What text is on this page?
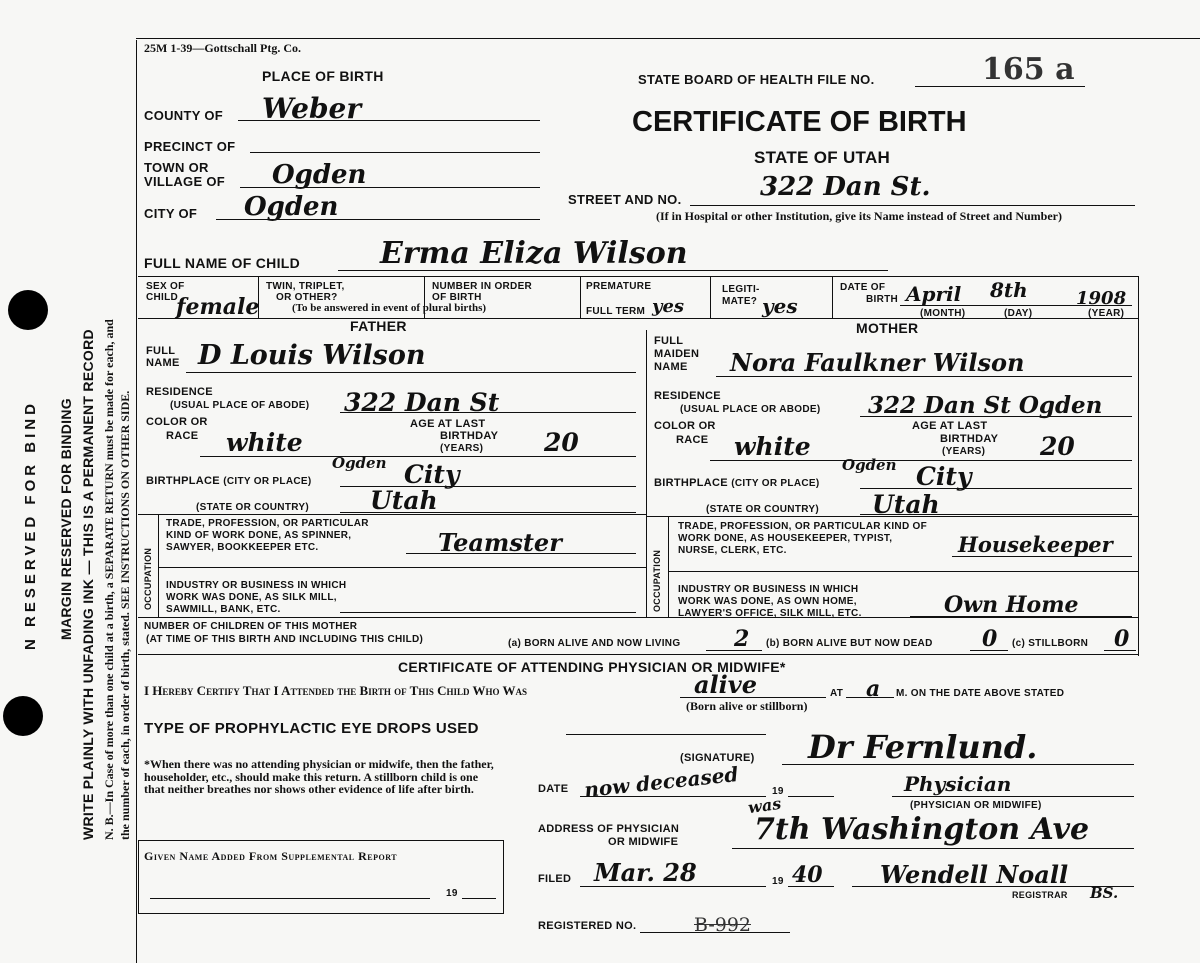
N RESERVED FOR BIND
WRITE PLAINLY WITH UNFADING INK — THIS IS A PERMANENT RECORD
MARGIN RESERVED FOR BINDING N. B.—In Case of more than one child at a birth, a SEPARATE RETURN must be made for each, and the number of each, in order of birth, stated. SEE INSTRUCTIONS ON OTHER SIDE.
25M 1-39—Gottschall Ptg. Co.
PLACE OF BIRTH	STATE BOARD OF HEALTH FILE NO.	165 a
CERTIFICATE OF BIRTH
STATE OF UTAH
COUNTY OF Weber
PRECINCT OF
TOWN OR
VILLAGE OF Ogden
CITY OF Ogden	STREET AND NO.	322 Dan St.
(If in Hospital or other Institution, give its Name instead of Street and Number)
FULL NAME OF CHILD	Erma Eliza Wilson
SEX OF
CHILD
female
TWIN, TRIPLET,
OR OTHER?
(To be answered in event of plural births)
NUMBER IN ORDER
OF BIRTH
PREMATURE
FULL TERM yes
LEGITI-
MATE? yes
DATE OF
BIRTH April 8th	1908
(MONTH)	(DAY)	(YEAR)
FATHER	MOTHER
FULL
NAME D Louis Wilson
RESIDENCE
(USUAL PLACE OF ABODE) 322 Dan St
COLOR OR
RACE white
AGE AT LAST
BIRTHDAY
(YEARS) 20
BIRTHPLACE (CITY OR PLACE)
Ogden City
(STATE OR COUNTRY) Utah
OCCUPATION
TRADE, PROFESSION, OR PARTICULAR
KIND OF WORK DONE, AS SPINNER,
SAWYER, BOOKKEEPER ETC.	Teamster
INDUSTRY OR BUSINESS IN WHICH
WORK WAS DONE, AS SILK MILL,
SAWMILL, BANK, ETC.
FULL
MAIDEN
NAME Nora Faulkner Wilson
RESIDENCE
(USUAL PLACE OR ABODE) 322 Dan St Ogden
COLOR OR
RACE white
AGE AT LAST
BIRTHDAY
(YEARS) 20
BIRTHPLACE (CITY OR PLACE)
Ogden City
(STATE OR COUNTRY) Utah
OCCUPATION
TRADE, PROFESSION, OR PARTICULAR KIND OF
WORK DONE, AS HOUSEKEEPER, TYPIST,
NURSE, CLERK, ETC.	Housekeeper
INDUSTRY OR BUSINESS IN WHICH
WORK WAS DONE, AS OWN HOME,
LAWYER'S OFFICE, SILK MILL, ETC.	Own Home
NUMBER OF CHILDREN OF THIS MOTHER
(AT TIME OF THIS BIRTH AND INCLUDING THIS CHILD)	(a) BORN ALIVE AND NOW LIVING 2 (b) BORN ALIVE BUT NOW DEAD 0 (c) STILLBORN 0
CERTIFICATE OF ATTENDING PHYSICIAN OR MIDWIFE*
I Hereby Certify That I Attended the Birth of This Child Who Was	alive
(Born alive or stillborn)
AT a M. ON THE DATE ABOVE STATED
TYPE OF PROPHYLACTIC EYE DROPS USED
*When there was no attending physician or midwife, then the father, householder, etc., should make this return. A stillborn child is one that neither breathes nor shows other evidence of life after birth.
(SIGNATURE) Dr Fernlund.
DATE now deceased	19	Physician
(PHYSICIAN OR MIDWIFE)
was
ADDRESS OF PHYSICIAN
OR MIDWIFE	7th Washington Ave
Given Name Added From Supplemental Report
19
FILED Mar. 28	19 40 Wendell Noall
REGISTRAR BS.
REGISTERED NO.	B-992
